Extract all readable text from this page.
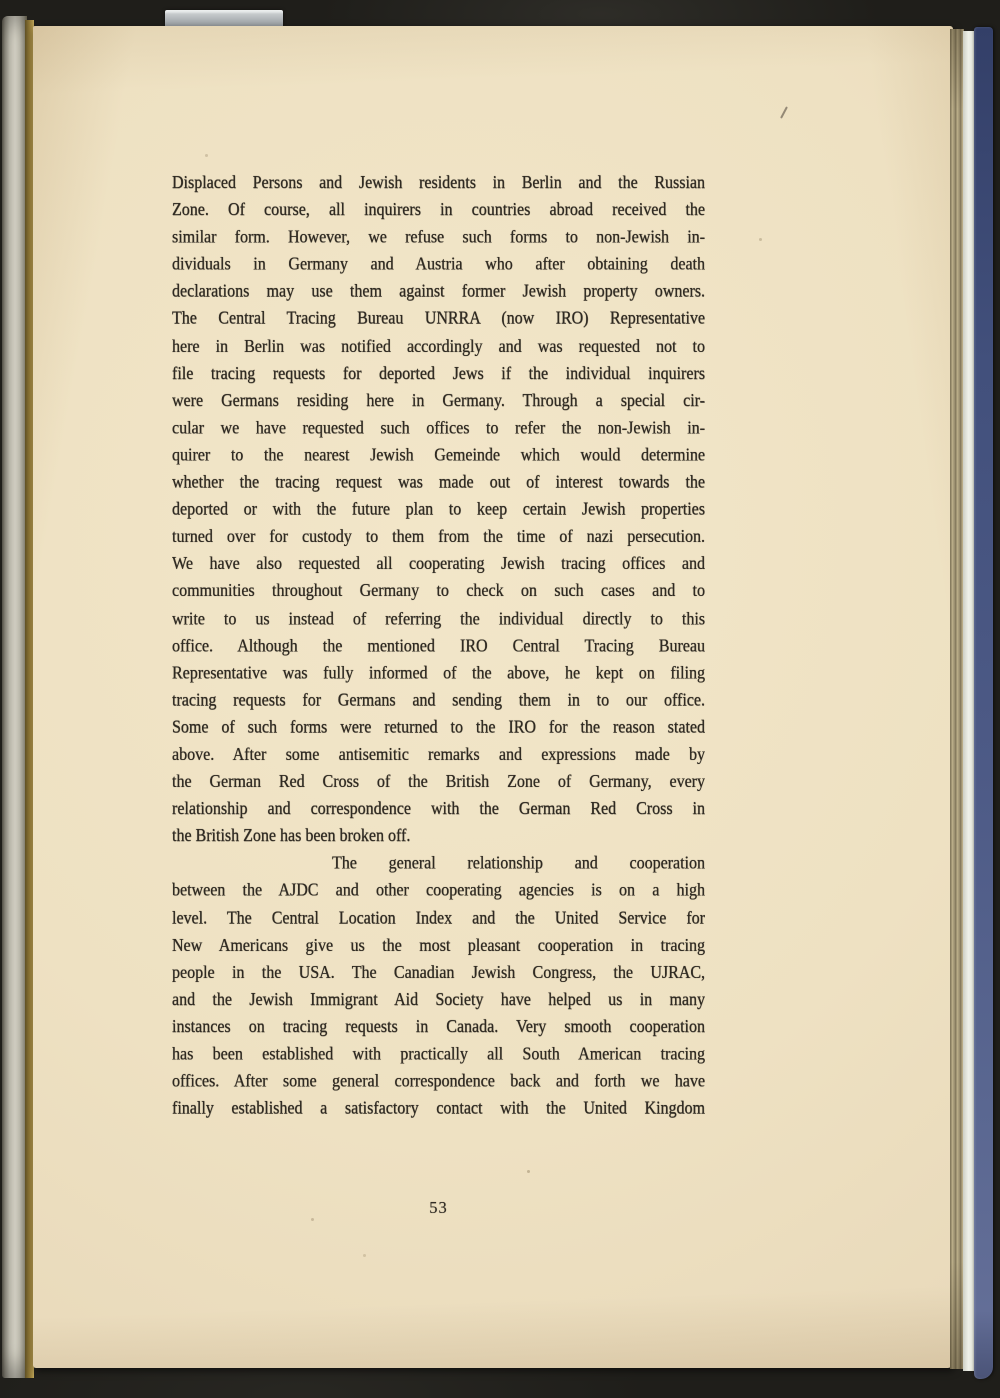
Displaced Persons and Jewish residents in Berlin and the Russian
Zone. Of course, all inquirers in countries abroad received the
similar form. However, we refuse such forms to non-Jewish in-
dividuals in Germany and Austria who after obtaining death
declarations may use them against former Jewish property owners.
The Central Tracing Bureau UNRRA (now IRO) Representative
here in Berlin was notified accordingly and was requested not to
file tracing requests for deported Jews if the individual inquirers
were Germans residing here in Germany. Through a special cir-
cular we have requested such offices to refer the non-Jewish in-
quirer to the nearest Jewish Gemeinde which would determine
whether the tracing request was made out of interest towards the
deported or with the future plan to keep certain Jewish properties
turned over for custody to them from the time of nazi persecution.
We have also requested all cooperating Jewish tracing offices and
communities throughout Germany to check on such cases and to
write to us instead of referring the individual directly to this
office. Although the mentioned IRO Central Tracing Bureau
Representative was fully informed of the above, he kept on filing
tracing requests for Germans and sending them in to our office.
Some of such forms were returned to the IRO for the reason stated
above. After some antisemitic remarks and expressions made by
the German Red Cross of the British Zone of Germany, every
relationship and correspondence with the German Red Cross in
the British Zone has been broken off.
The general relationship and cooperation
between the AJDC and other cooperating agencies is on a high
level. The Central Location Index and the United Service for
New Americans give us the most pleasant cooperation in tracing
people in the USA. The Canadian Jewish Congress, the UJRAC,
and the Jewish Immigrant Aid Society have helped us in many
instances on tracing requests in Canada. Very smooth cooperation
has been established with practically all South American tracing
offices. After some general correspondence back and forth we have
finally established a satisfactory contact with the United Kingdom
53
